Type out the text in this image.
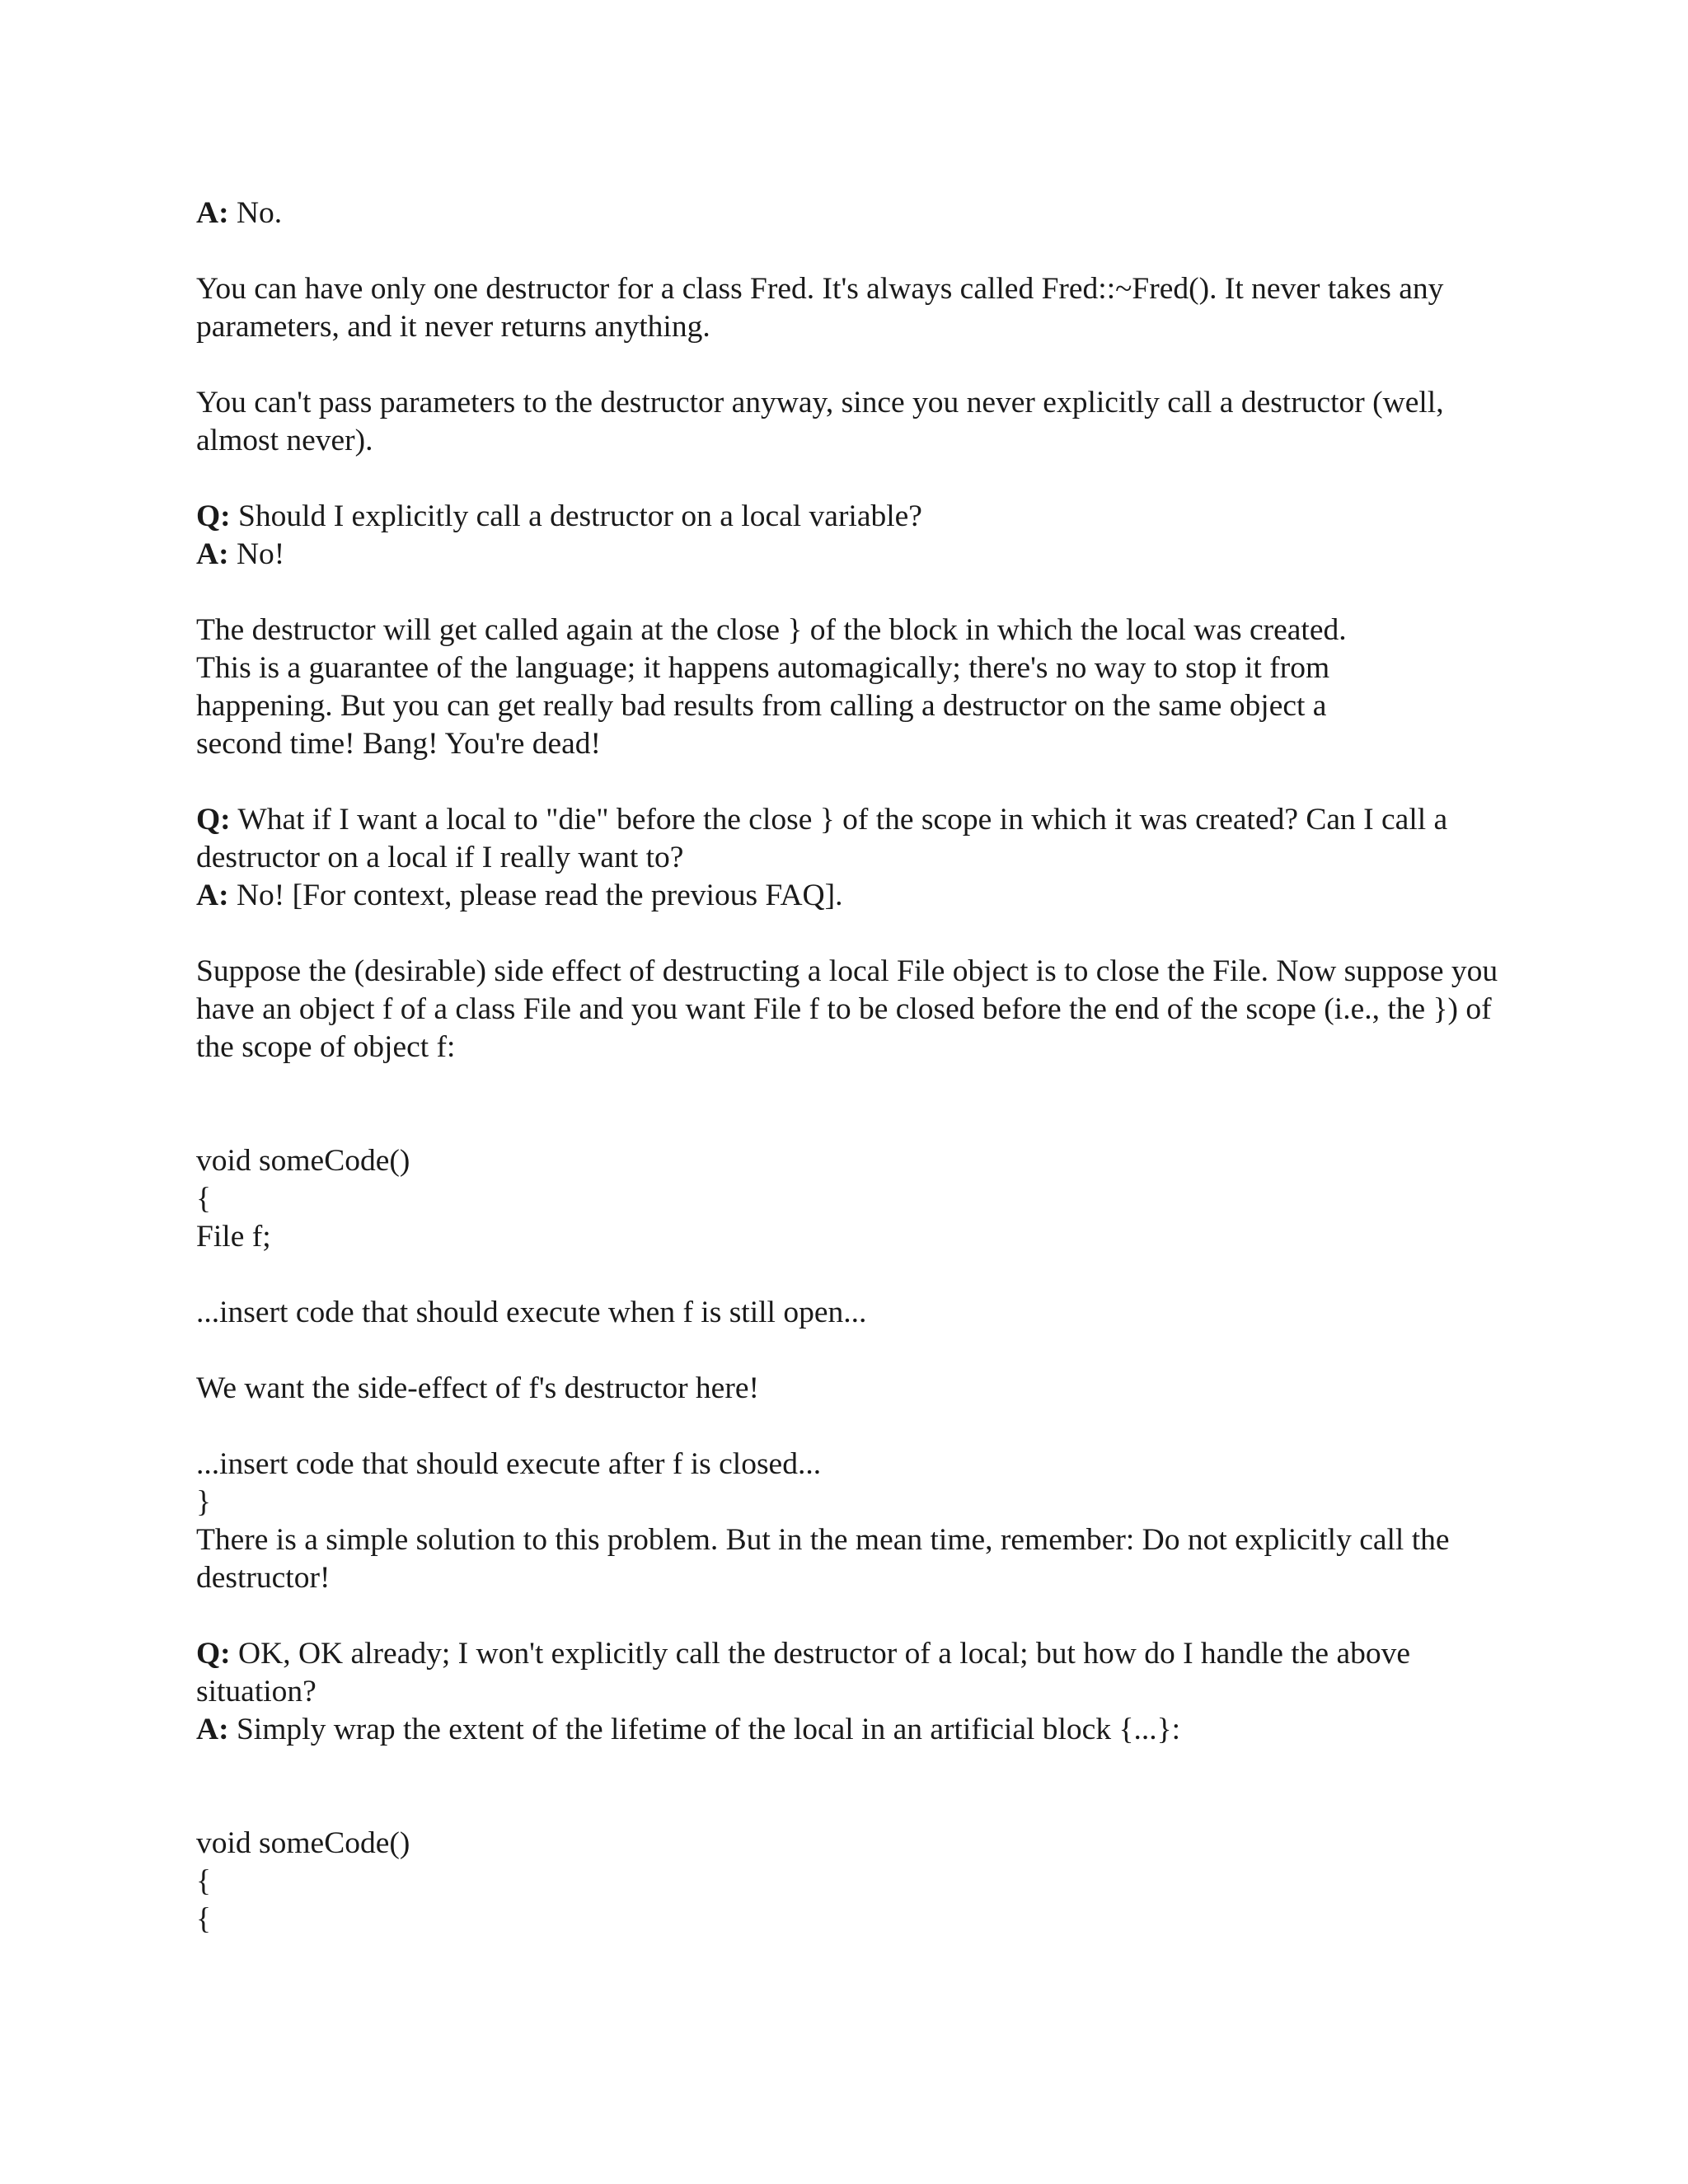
A: No.

You can have only one destructor for a class Fred. It's always called Fred::~Fred(). It never takes any parameters, and it never returns anything.

You can't pass parameters to the destructor anyway, since you never explicitly call a destructor (well, almost never).

Q: Should I explicitly call a destructor on a local variable?

A: No!

The destructor will get called again at the close } of the block in which the local was created.

This is a guarantee of the language; it happens automagically; there's no way to stop it from

happening. But you can get really bad results from calling a destructor on the same object a

second time! Bang! You're dead!

Q: What if I want a local to "die" before the close } of the scope in which it was created? Can I call a destructor on a local if I really want to?

A: No! [For context, please read the previous FAQ].

Suppose the (desirable) side effect of destructing a local File object is to close the File. Now suppose you have an object f of a class File and you want File f to be closed before the end of the scope (i.e., the }) of the scope of object f:

void someCode()

{

File f;

...insert code that should execute when f is still open...

We want the side-effect of f's destructor here!

...insert code that should execute after f is closed...

}

There is a simple solution to this problem. But in the mean time, remember: Do not explicitly call the destructor!

Q: OK, OK already; I won't explicitly call the destructor of a local; but how do I handle the above situation?

A: Simply wrap the extent of the lifetime of the local in an artificial block {...}:

void someCode()

{

{
